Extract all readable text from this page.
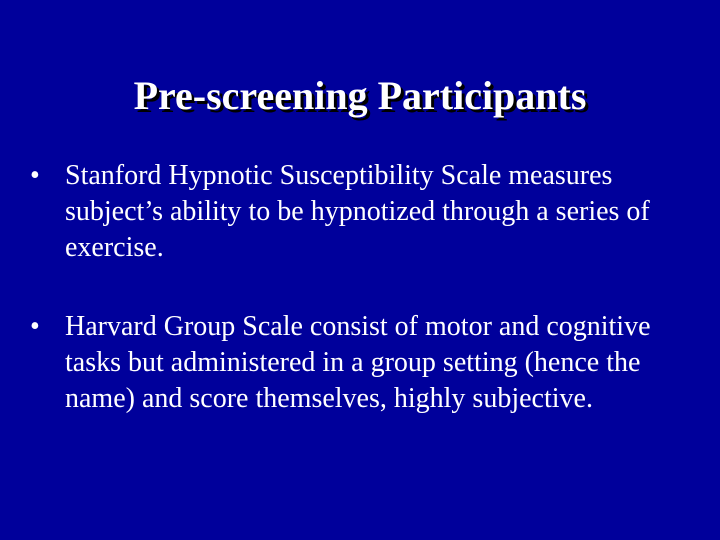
Pre-screening Participants
• Stanford Hypnotic Susceptibility Scale measures
subject’s ability to be hypnotized through a series of
exercise.
• Harvard Group Scale consist of motor and cognitive
tasks but administered in a group setting (hence the
name) and score themselves, highly subjective.
